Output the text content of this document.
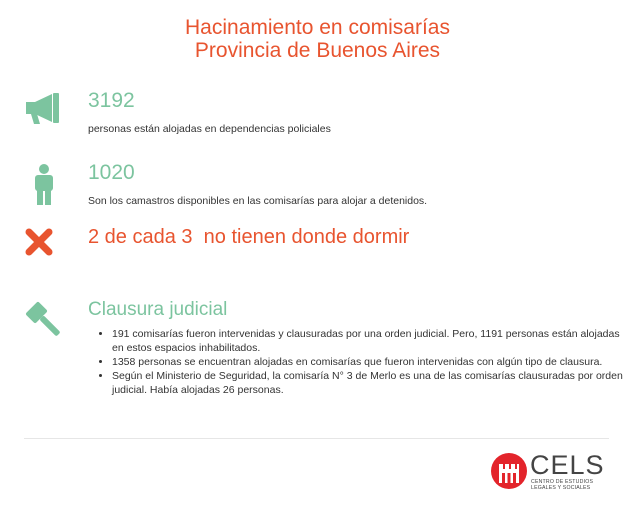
Hacinamiento en comisarías
Provincia de Buenos Aires
3192
personas están alojadas en dependencias policiales
1020
Son los camastros disponibles en las comisarías para alojar a detenidos.
2 de cada 3  no tienen donde dormir
Clausura judicial
• 191 comisarías fueron intervenidas y clausuradas por una orden judicial. Pero, 1191 personas están alojadas en estos espacios inhabilitados.
• 1358 personas se encuentran alojadas en comisarías que fueron intervenidas con algún tipo de clausura.
• Según el Ministerio de Seguridad, la comisaría N° 3 de Merlo es una de las comisarías clausuradas por orden judicial. Había alojadas 26 personas.
CELS
CENTRO DE ESTUDIOS
LEGALES Y SOCIALES
